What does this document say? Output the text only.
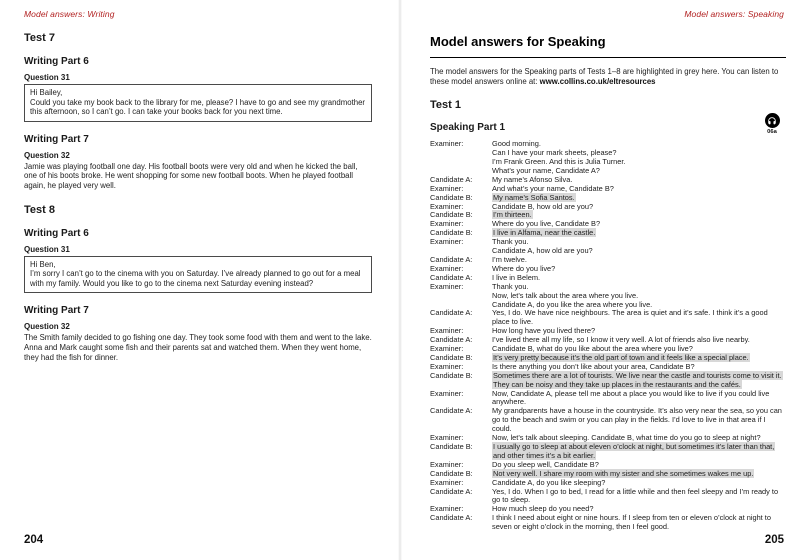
Model answers: Writing
Test 7
Writing Part 6
Question 31
Hi Bailey,
Could you take my book back to the library for me, please? I have to go and see my grandmother this afternoon, so I can’t go. I can take your books back for you next time.
Writing Part 7
Question 32
Jamie was playing football one day. His football boots were very old and when he kicked the ball, one of his boots broke. He went shopping for some new football boots. When he played football again, he played very well.
Test 8
Writing Part 6
Question 31
Hi Ben,
I’m sorry I can’t go to the cinema with you on Saturday. I’ve already planned to go out for a meal with my family. Would you like to go to the cinema next Saturday evening instead?
Writing Part 7
Question 32
The Smith family decided to go fishing one day. They took some food with them and went to the lake. Anna and Mark caught some fish and their parents sat and watched them. When they went home, they had the fish for dinner.
204
Model answers: Speaking
Model answers for Speaking

The model answers for the Speaking parts of Tests 1–8 are highlighted in grey here. You can listen to these model answers online at: www.collins.co.uk/eltresources

Test 1
Speaking Part 1	06a
Examiner:	Good morning.
Can I have your mark sheets, please?
I’m Frank Green. And this is Julia Turner.
What’s your name, Candidate A?
Candidate A:	My name’s Afonso Silva.
Examiner:	And what’s your name, Candidate B?
Candidate B:	My name’s Sofia Santos.
Examiner:	Candidate B, how old are you?
Candidate B:	I’m thirteen.
Examiner:	Where do you live, Candidate B?
Candidate B:	I live in Alfama, near the castle.
Examiner:	Thank you.
Candidate A, how old are you?
Candidate A:	I’m twelve.
Examiner:	Where do you live?
Candidate A:	I live in Belem.
Examiner:	Thank you.
Now, let’s talk about the area where you live.
Candidate A, do you like the area where you live.
Candidate A:	Yes, I do. We have nice neighbours. The area is quiet and it’s safe. I think it’s a good place to live.
Examiner:	How long have you lived there?
Candidate A:	I’ve lived there all my life, so I know it very well. A lot of friends also live nearby.
Examiner:	Candidate B, what do you like about the area where you live?
Candidate B:	It’s very pretty because it’s the old part of town and it feels like a special place.
Examiner:	Is there anything you don’t like about your area, Candidate B?
Candidate B:	Sometimes there are a lot of tourists. We live near the castle and tourists come to visit it. They can be noisy and they take up places in the restaurants and the cafés.
Examiner:	Now, Candidate A, please tell me about a place you would like to live if you could live anywhere.
Candidate A:	My grandparents have a house in the countryside. It’s also very near the sea, so you can go to the beach and swim or you can play in the fields. I’d love to live in that area if I could.
Examiner:	Now, let’s talk about sleeping. Candidate B, what time do you go to sleep at night?
Candidate B:	I usually go to sleep at about eleven o’clock at night, but sometimes it’s later than that, and other times it’s a bit earlier.
Examiner:	Do you sleep well, Candidate B?
Candidate B:	Not very well. I share my room with my sister and she sometimes wakes me up.
Examiner:	Candidate A, do you like sleeping?
Candidate A:	Yes, I do. When I go to bed, I read for a little while and then feel sleepy and I’m ready to go to sleep.
Examiner:	How much sleep do you need?
Candidate A:	I think I need about eight or nine hours. If I sleep from ten or eleven o’clock at night to seven or eight o’clock in the morning, then I feel good.
205
